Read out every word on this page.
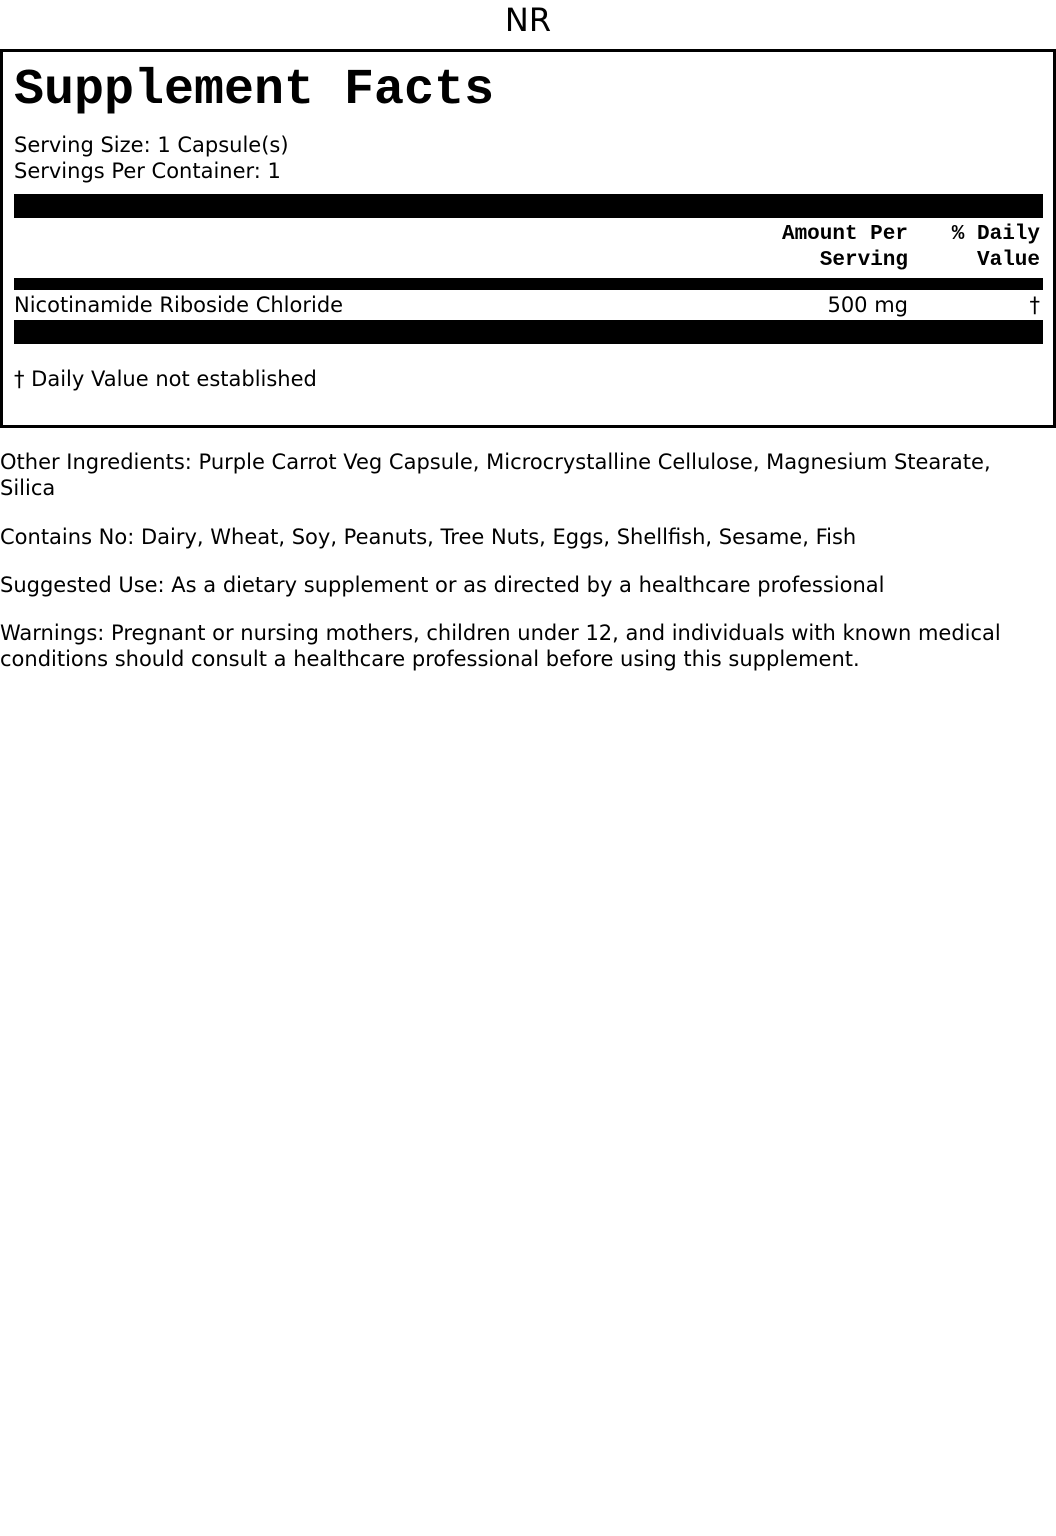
NR
Supplement Facts
Serving Size: 1 Capsule(s)
Servings Per Container: 1
Amount Per
Serving
% Daily
Value
Nicotinamide Riboside Chloride	500 mg	†
† Daily Value not established
Other Ingredients: Purple Carrot Veg Capsule, Microcrystalline Cellulose, Magnesium Stearate, Silica
Contains No: Dairy, Wheat, Soy, Peanuts, Tree Nuts, Eggs, Shellfish, Sesame, Fish
Suggested Use: As a dietary supplement or as directed by a healthcare professional
Warnings: Pregnant or nursing mothers, children under 12, and individuals with known medical conditions should consult a healthcare professional before using this supplement.
